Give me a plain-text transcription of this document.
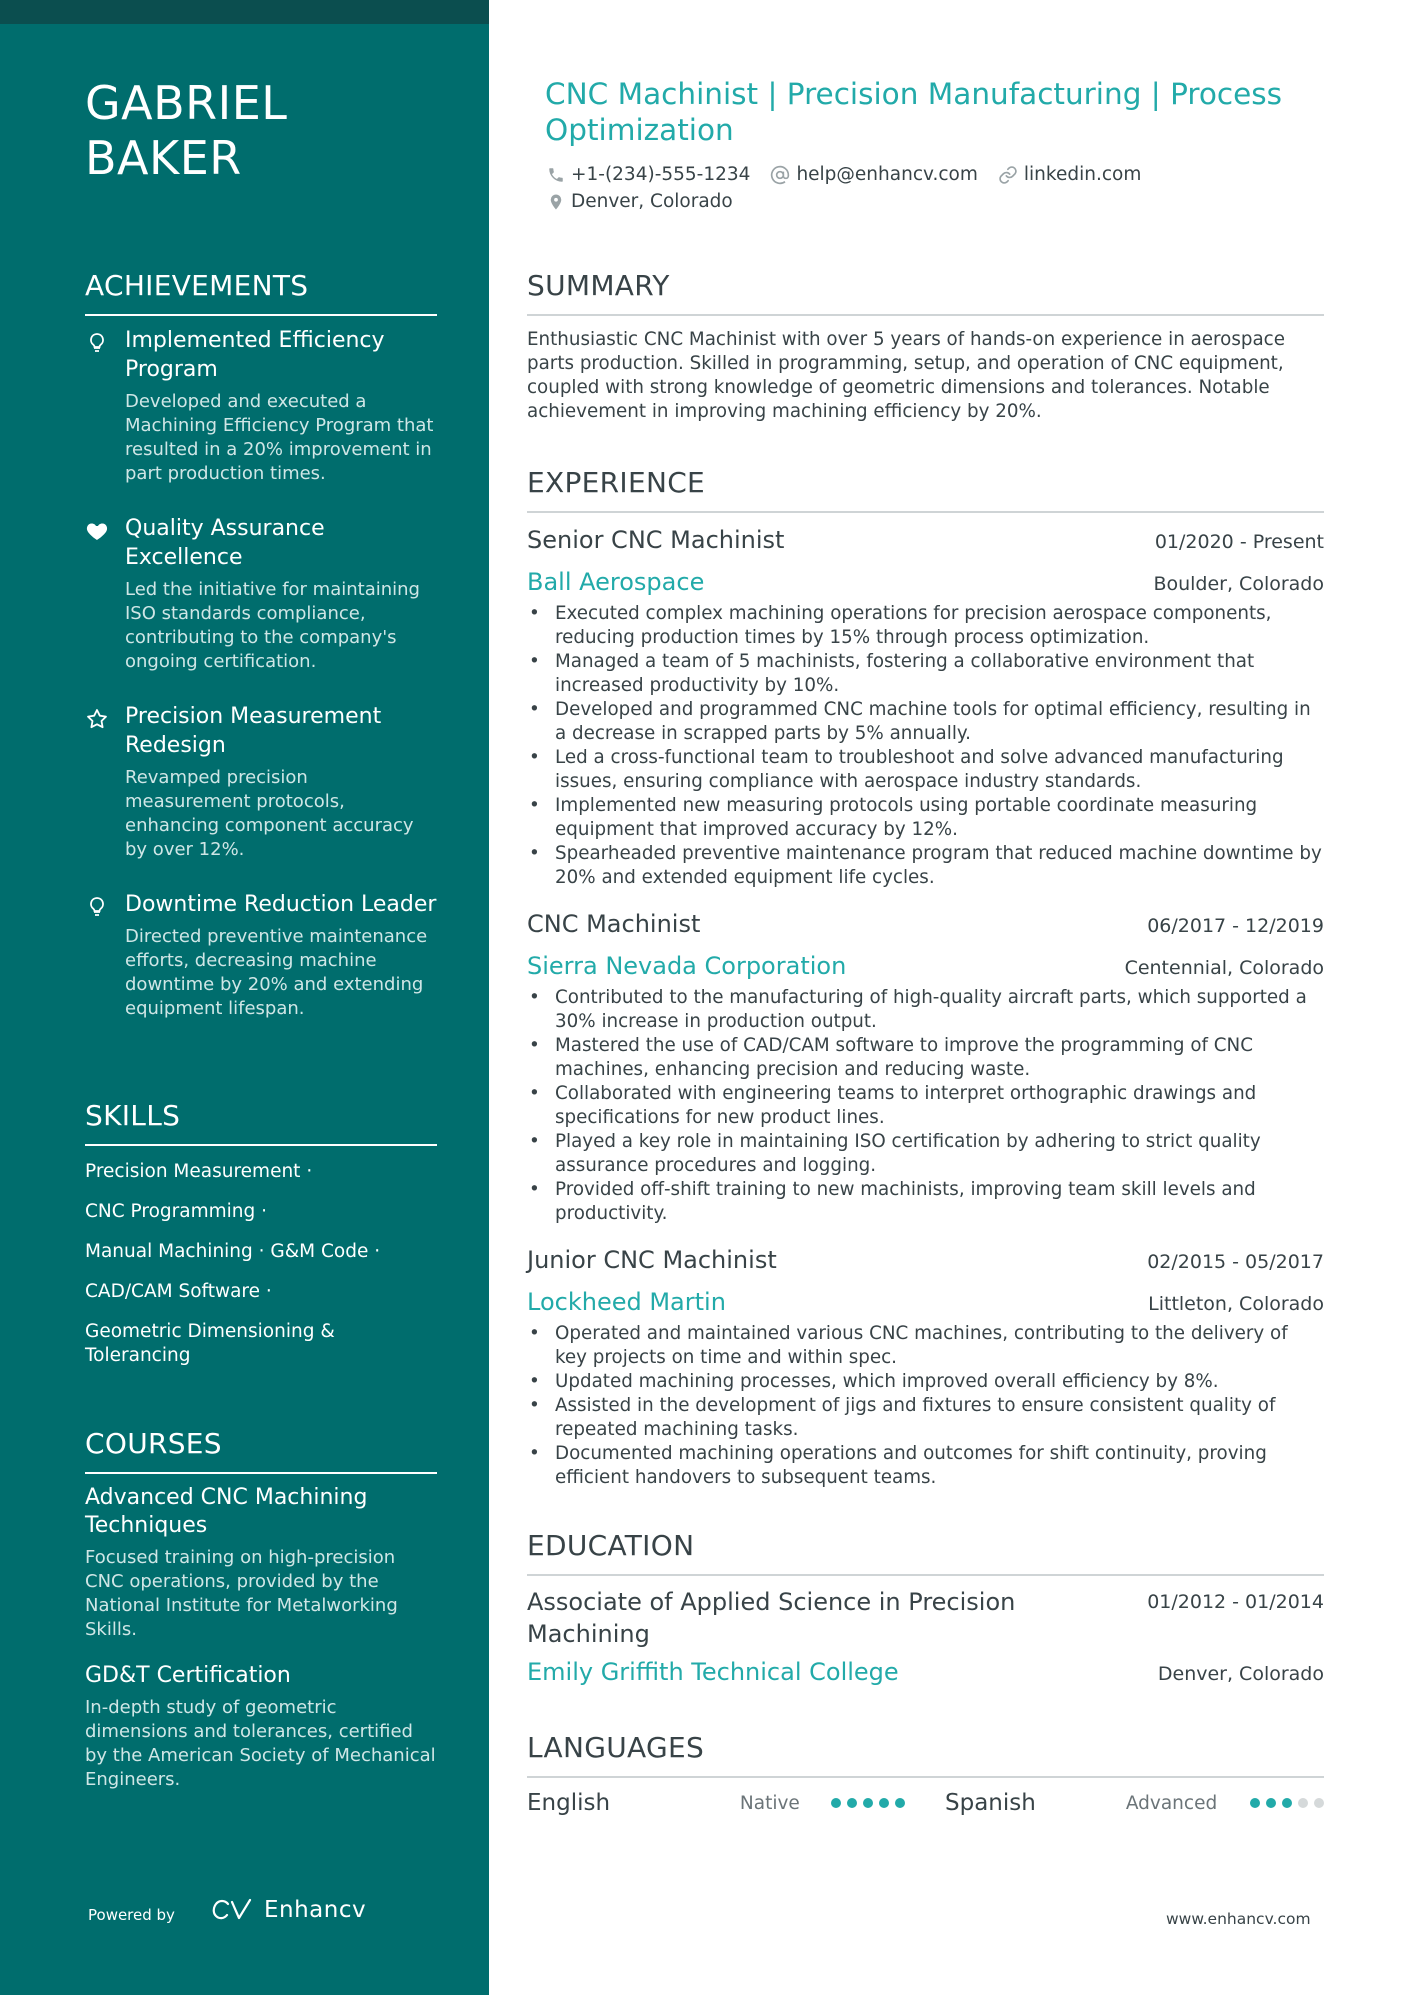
GABRIEL
BAKER
ACHIEVEMENTS
Implemented Efficiency Program
Developed and executed a Machining Efficiency Program that resulted in a 20% improvement in part production times.
Quality Assurance Excellence
Led the initiative for maintaining ISO standards compliance, contributing to the company's ongoing certification.
Precision Measurement Redesign
Revamped precision measurement protocols, enhancing component accuracy by over 12%.
Downtime Reduction Leader
Directed preventive maintenance efforts, decreasing machine downtime by 20% and extending equipment lifespan.
SKILLS
Precision Measurement ·
CNC Programming ·
Manual Machining · G&M Code ·
CAD/CAM Software ·
Geometric Dimensioning & Tolerancing
COURSES
Advanced CNC Machining Techniques
Focused training on high-precision CNC operations, provided by the National Institute for Metalworking Skills.
GD&T Certification
In-depth study of geometric dimensions and tolerances, certified by the American Society of Mechanical Engineers.
Powered by	Enhancv
CNC Machinist | Precision Manufacturing | Process Optimization
+1-(234)-555-1234 help@enhancv.com linkedin.com
Denver, Colorado
SUMMARY
Enthusiastic CNC Machinist with over 5 years of hands-on experience in aerospace parts production. Skilled in programming, setup, and operation of CNC equipment, coupled with strong knowledge of geometric dimensions and tolerances. Notable achievement in improving machining efficiency by 20%.
EXPERIENCE
Senior CNC Machinist	01/2020 - Present
Ball Aerospace	Boulder, Colorado
• Executed complex machining operations for precision aerospace components, reducing production times by 15% through process optimization.
• Managed a team of 5 machinists, fostering a collaborative environment that increased productivity by 10%.
• Developed and programmed CNC machine tools for optimal efficiency, resulting in a decrease in scrapped parts by 5% annually.
• Led a cross-functional team to troubleshoot and solve advanced manufacturing issues, ensuring compliance with aerospace industry standards.
• Implemented new measuring protocols using portable coordinate measuring equipment that improved accuracy by 12%.
• Spearheaded preventive maintenance program that reduced machine downtime by 20% and extended equipment life cycles.
CNC Machinist	06/2017 - 12/2019
Sierra Nevada Corporation	Centennial, Colorado
• Contributed to the manufacturing of high-quality aircraft parts, which supported a 30% increase in production output.
• Mastered the use of CAD/CAM software to improve the programming of CNC machines, enhancing precision and reducing waste.
• Collaborated with engineering teams to interpret orthographic drawings and specifications for new product lines.
• Played a key role in maintaining ISO certification by adhering to strict quality assurance procedures and logging.
• Provided off-shift training to new machinists, improving team skill levels and productivity.
Junior CNC Machinist	02/2015 - 05/2017
Lockheed Martin	Littleton, Colorado
• Operated and maintained various CNC machines, contributing to the delivery of key projects on time and within spec.
• Updated machining processes, which improved overall efficiency by 8%.
• Assisted in the development of jigs and fixtures to ensure consistent quality of repeated machining tasks.
• Documented machining operations and outcomes for shift continuity, proving efficient handovers to subsequent teams.
EDUCATION
Associate of Applied Science in Precision Machining
01/2012 - 01/2014
Emily Griffith Technical College	Denver, Colorado
LANGUAGES
English	Native	Spanish	Advanced
www.enhancv.com
